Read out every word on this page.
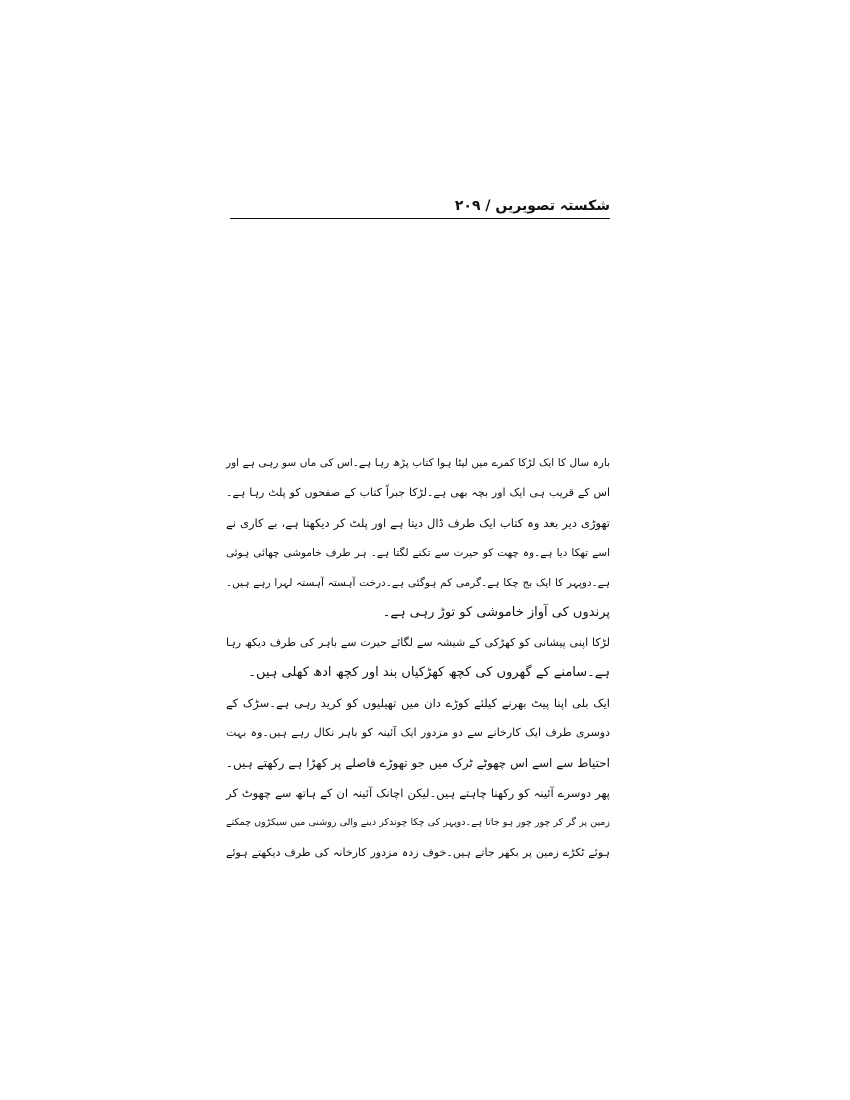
شکستہ تصویریں / ۲۰۹
بارہ سال کا ایک لڑکا کمرے میں لیٹا ہوا کتاب پڑھ رہا ہے۔اس کی ماں سو رہی ہے اور
اس کے قریب ہی ایک اور بچہ بھی ہے۔لڑکا جبراً کتاب کے صفحوں کو پلٹ رہا ہے۔
تھوڑی دیر بعد وہ کتاب ایک طرف ڈال دیتا ہے اور پلٹ کر دیکھتا ہے، بے کاری نے
اسے تھکا دیا ہے۔وہ چھت کو حیرت سے تکنے لگتا ہے۔ ہر طرف خاموشی چھائی ہوئی
ہے۔دوپہر کا ایک بج چکا ہے۔گرمی کم ہوگئی ہے۔درخت آہستہ آہستہ لہرا رہے ہیں۔
پرندوں کی آواز خاموشی کو توڑ رہی ہے۔
لڑکا اپنی پیشانی کو کھڑکی کے شیشہ سے لگائے حیرت سے باہر کی طرف دیکھ رہا
ہے۔سامنے کے گھروں کی کچھ کھڑکیاں بند اور کچھ ادھ کھلی ہیں۔
ایک بلی اپنا پیٹ بھرنے کیلئے کوڑے دان میں تھیلیوں کو کرید رہی ہے۔سڑک کے
دوسری طرف ایک کارخانے سے دو مزدور ایک آئینہ کو باہر نکال رہے ہیں۔وہ بہت
احتیاط سے اسے اس چھوٹے ٹرک میں جو تھوڑے فاصلے پر کھڑا ہے رکھتے ہیں۔
پھر دوسرے آئینہ کو رکھنا چاہتے ہیں۔لیکن اچانک آئینہ ان کے ہاتھ سے چھوٹ کر
زمین پر گر کر چور چور ہو جاتا ہے۔دوپہر کی چکا چوندکر دینے والی روشنی میں سیکڑوں چمکتے
ہوئے ٹکڑے زمین پر بکھر جاتے ہیں۔خوف زدہ مزدور کارخانہ کی طرف دیکھتے ہوئے
